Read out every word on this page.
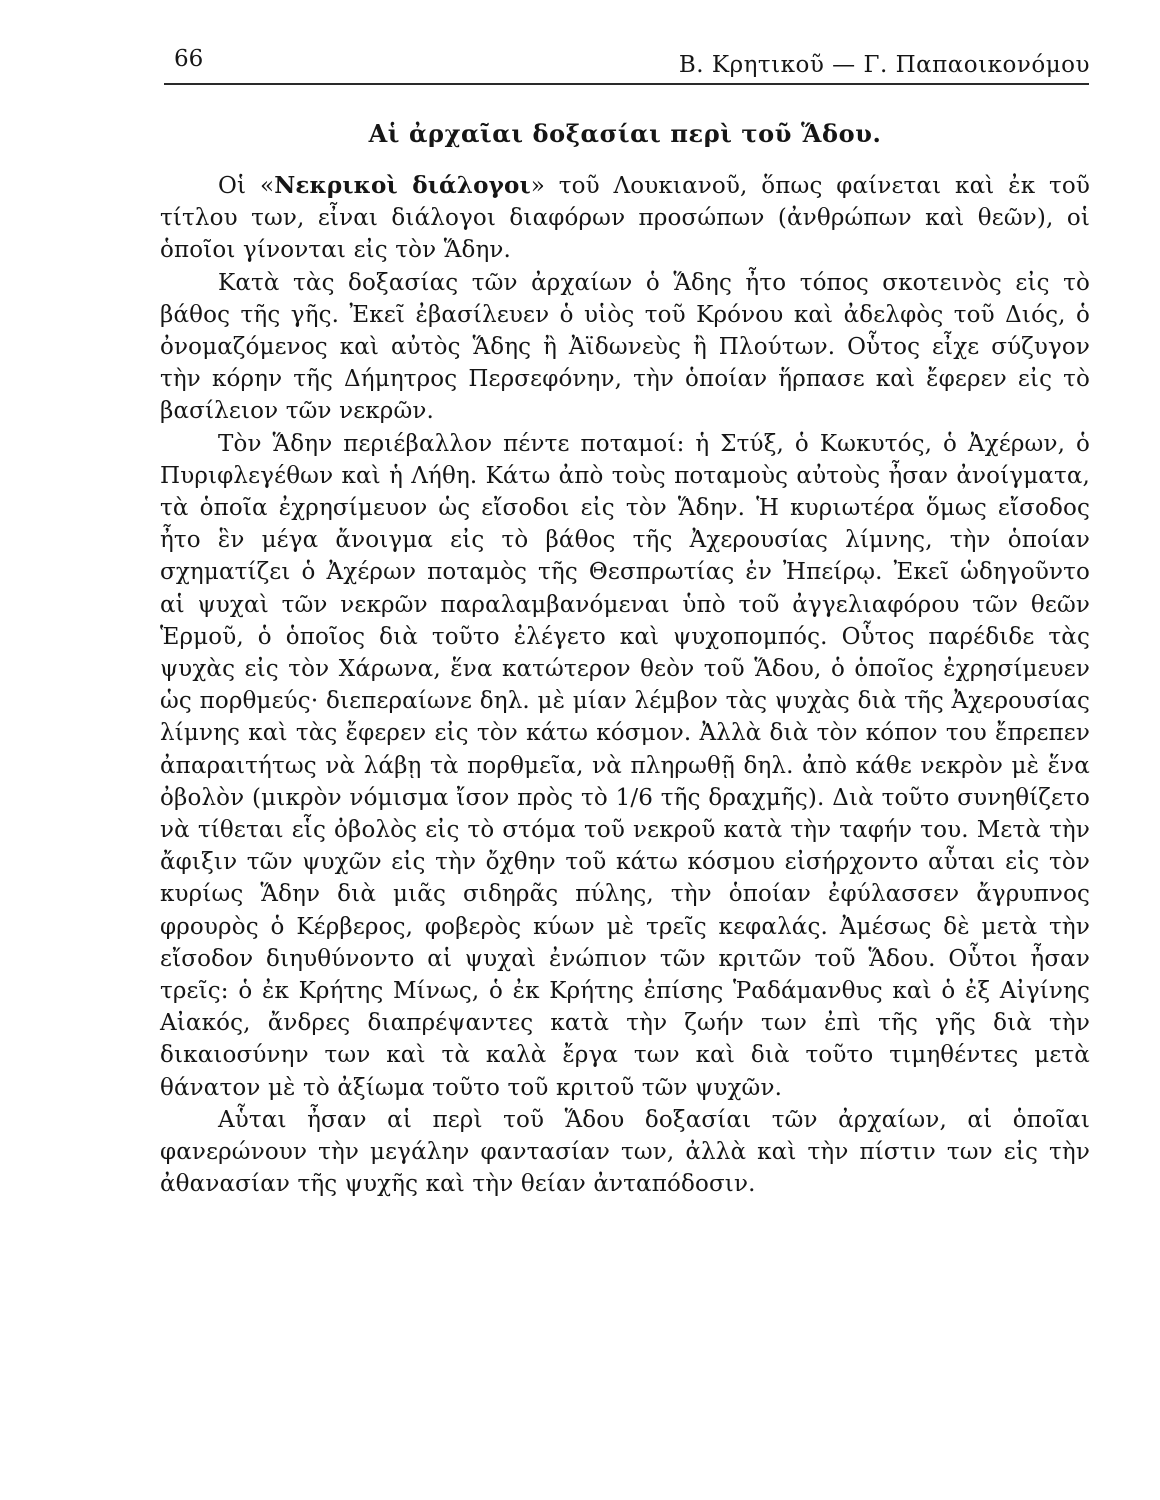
66	Β. Κρητικοῦ — Γ. Παπαοικονόμου
Αἱ ἀρχαῖαι δοξασίαι περὶ τοῦ Ἅδου.

Οἱ «Νεκρικοὶ διάλογοι» τοῦ Λουκιανοῦ, ὅπως φαίνεται καὶ ἐκ τοῦ τίτλου των, εἶναι διάλογοι διαφόρων προσώπων (ἀνθρώπων καὶ θεῶν), οἱ ὁποῖοι γίνονται εἰς τὸν Ἅδην.

Κατὰ τὰς δοξασίας τῶν ἀρχαίων ὁ Ἅδης ἦτο τόπος σκοτεινὸς εἰς τὸ βάθος τῆς γῆς. Ἐκεῖ ἐβασίλευεν ὁ υἱὸς τοῦ Κρόνου καὶ ἀδελφὸς τοῦ Διός, ὁ ὀνομαζόμενος καὶ αὐτὸς Ἅδης ἢ Ἀϊδωνεὺς ἢ Πλούτων. Οὗτος εἶχε σύζυγον τὴν κόρην τῆς Δήμητρος Περσεφόνην, τὴν ὁποίαν ἥρπασε καὶ ἔφερεν εἰς τὸ βασίλειον τῶν νεκρῶν.

Τὸν Ἅδην περιέβαλλον πέντε ποταμοί: ἡ Στύξ, ὁ Κωκυτός, ὁ Ἀχέρων, ὁ Πυριφλεγέθων καὶ ἡ Λήθη. Κάτω ἀπὸ τοὺς ποταμοὺς αὐτοὺς ἦσαν ἀνοίγματα, τὰ ὁποῖα ἐχρησίμευον ὡς εἴσοδοι εἰς τὸν Ἅδην. Ἡ κυριωτέρα ὅμως εἴσοδος ἦτο ἓν μέγα ἄνοιγμα εἰς τὸ βάθος τῆς Ἀχερουσίας λίμνης, τὴν ὁποίαν σχηματίζει ὁ Ἀχέρων ποταμὸς τῆς Θεσπρωτίας ἐν Ἠπείρῳ. Ἐκεῖ ὡδηγοῦντο αἱ ψυχαὶ τῶν νεκρῶν παραλαμβανόμεναι ὑπὸ τοῦ ἀγγελιαφόρου τῶν θεῶν Ἑρμοῦ, ὁ ὁποῖος διὰ τοῦτο ἐλέγετο καὶ ψυχοπομπός. Οὗτος παρέδιδε τὰς ψυχὰς εἰς τὸν Χάρωνα, ἕνα κατώτερον θεὸν τοῦ Ἅδου, ὁ ὁποῖος ἐχρησίμευεν ὡς πορθμεύς· διεπεραίωνε δηλ. μὲ μίαν λέμβον τὰς ψυχὰς διὰ τῆς Ἀχερουσίας λίμνης καὶ τὰς ἔφερεν εἰς τὸν κάτω κόσμον. Ἀλλὰ διὰ τὸν κόπον του ἔπρεπεν ἀπαραιτήτως νὰ λάβῃ τὰ πορθμεῖα, νὰ πληρωθῇ δηλ. ἀπὸ κάθε νεκρὸν μὲ ἕνα ὀβολὸν (μικρὸν νόμισμα ἴσον πρὸς τὸ 1/6 τῆς δραχμῆς). Διὰ τοῦτο συνηθίζετο νὰ τίθεται εἷς ὀβολὸς εἰς τὸ στόμα τοῦ νεκροῦ κατὰ τὴν ταφήν του. Μετὰ τὴν ἄφιξιν τῶν ψυχῶν εἰς τὴν ὄχθην τοῦ κάτω κόσμου εἰσήρχοντο αὗται εἰς τὸν κυρίως Ἅδην διὰ μιᾶς σιδηρᾶς πύλης, τὴν ὁποίαν ἐφύλασσεν ἄγρυπνος φρουρὸς ὁ Κέρβερος, φοβερὸς κύων μὲ τρεῖς κεφαλάς. Ἀμέσως δὲ μετὰ τὴν εἴσοδον διηυθύνοντο αἱ ψυχαὶ ἐνώπιον τῶν κριτῶν τοῦ Ἅδου. Οὗτοι ἦσαν τρεῖς: ὁ ἐκ Κρήτης Μίνως, ὁ ἐκ Κρήτης ἐπίσης Ῥαδάμανθυς καὶ ὁ ἐξ Αἰγίνης Αἰακός, ἄνδρες διαπρέψαντες κατὰ τὴν ζωήν των ἐπὶ τῆς γῆς διὰ τὴν δικαιοσύνην των καὶ τὰ καλὰ ἔργα των καὶ διὰ τοῦτο τιμηθέντες μετὰ θάνατον μὲ τὸ ἀξίωμα τοῦτο τοῦ κριτοῦ τῶν ψυχῶν.

Αὗται ἦσαν αἱ περὶ τοῦ Ἅδου δοξασίαι τῶν ἀρχαίων, αἱ ὁποῖαι φανερώνουν τὴν μεγάλην φαντασίαν των, ἀλλὰ καὶ τὴν πίστιν των εἰς τὴν ἀθανασίαν τῆς ψυχῆς καὶ τὴν θείαν ἀνταπόδοσιν.
